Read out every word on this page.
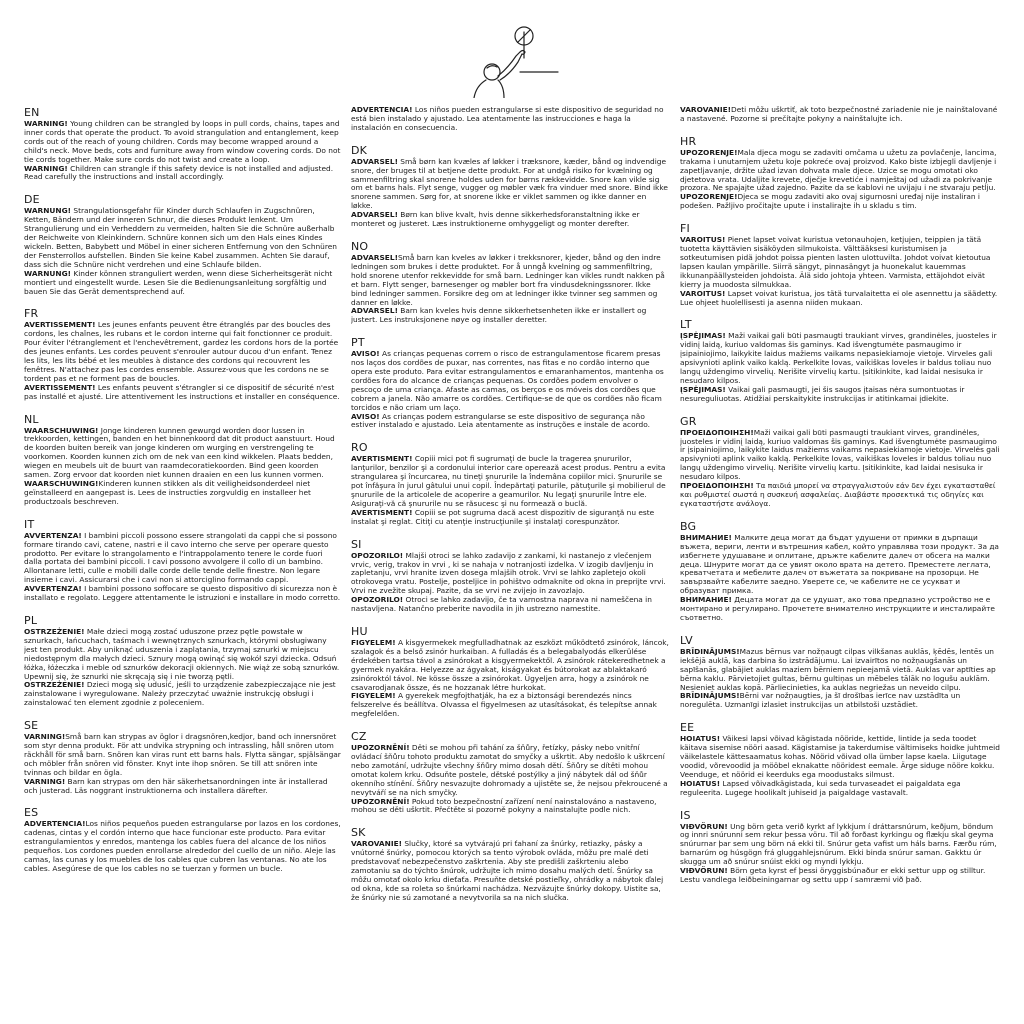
EN

WARNING! Young children can be strangled by loops in pull cords, chains, tapes and inner cords that operate the product. To avoid strangulation and entanglement, keep cords out of the reach of young children. Cords may become wrapped around a child's neck. Move beds, cots and furniture away from window covering cords. Do not tie cords together. Make sure cords do not twist and create a loop.

WARNING! Children can strangle if this safety device is not installed and adjusted. Read carefully the instructions and install accordingly.

DE

WARNUNG! Strangulationsgefahr für Kinder durch Schlaufen in Zugschnüren, Ketten, Bändern und der inneren Schnur, die dieses Produkt lenkent. Um Strangulierung und ein Verheddern zu vermeiden, halten Sie die Schnüre außerhalb der Reichweite von Kleinkindern. Schnüre konnen sich um den Hals eines Kindes wickeln. Betten, Babybett und Möbel in einer sicheren Entfernung von den Schnüren der Fensterrollos aufstellen. Binden Sie keine Kabel zusammen. Achten Sie darauf, dass sich die Schnüre nicht verdrehen und eine Schlaufe bilden.

WARNUNG! Kinder können stranguliert werden, wenn diese Sicherheitsgerät nicht montiert und eingestellt wurde. Lesen Sie die Bedienungsanleitung sorgfältig und bauen Sie das Gerät dementsprechend auf.

FR

AVERTISSEMENT! Les jeunes enfants peuvent être étranglés par des boucles des cordons, les chaînes, les rubans et le cordon interne qui fait fonctionner ce produit. Pour éviter l'étranglement et l'enchevêtrement, gardez les cordons hors de la portée des jeunes enfants. Les cordes peuvent s'enrouler autour ducou d'un enfant. Tenez les lits, les lits bébé et les meubles à distance des cordons qui recouvrent les fenêtres. N'attachez pas les cordes ensemble. Assurez-vous que les cordons ne se tordent pas et ne forment pas de boucles.

AVERTISSEMENT! Les enfants peuvent s'étrangler si ce dispositif de sécurité n'est pas installé et ajusté. Lire attentivement les instructions et installer en conséquence.

NL

WAARSCHUWING! Jonge kinderen kunnen gewurgd worden door lussen in trekkoorden, kettingen, banden en het binnenkoord dat dit product aanstuurt. Houd de koorden buiten bereik van jonge kinderen om wurging en verstrengeling te voorkomen. Koorden kunnen zich om de nek van een kind wikkelen. Plaats bedden, wiegen en meubels uit de buurt van raamdecoratiekoorden. Bind geen koorden samen. Zorg ervoor dat koorden niet kunnen draaien en een lus kunnen vormen.

WAARSCHUWING!Kinderen kunnen stikken als dit veiligheidsonderdeel niet geïnstalleerd en aangepast is. Lees de instructies zorgvuldig en installeer het productzoals beschreven.

IT

AVVERTENZA! I bambini piccoli possono essere strangolati da cappi che si possono formare tirando cavi, catene, nastri e il cavo interno che serve per operare questo prodotto. Per evitare lo strangolamento e l'intrappolamento tenere le corde fuori dalla portata dei bambini piccoli. I cavi possono avvolgere il collo di un bambino. Allontanare letti, culle e mobili dalle corde delle tende delle finestre. Non legare insieme i cavi. Assicurarsi che i cavi non si attorciglino formando cappi.

AVVERTENZA! I bambini possono soffocare se questo dispositivo di sicurezza non è installato e regolato. Leggere attentamente le istruzioni e installare in modo corretto.

PL

OSTRZEŻENIE! Małe dzieci mogą zostać uduszone przez pętle powstałe w sznurkach, łańcuchach, taśmach i wewnętrznych sznurkach, którymi obsługiwany jest ten produkt. Aby uniknąć uduszenia i zaplątania, trzymaj sznurki w miejscu niedostępnym dla małych dzieci. Sznury mogą owinąć się wokół szyi dziecka. Odsuń łóżka, łóżeczka i meble od sznurków dekoracji okiennych. Nie wiąż ze sobą sznurków. Upewnij się, że sznurki nie skręcają się i nie tworzą pętli.

OSTRZEŻENIE! Dzieci mogą się udusić, jeśli to urządzenie zabezpieczające nie jest zainstalowane i wyregulowane. Należy przeczytać uważnie instrukcję obsługi i zainstalować ten element zgodnie z poleceniem.

SE

VARNING!Små barn kan strypas av öglor i dragsnören,kedjor, band och innersnöret som styr denna produkt. För att undvika strypning och intrassling, håll snören utom räckhåll för små barn. Snören kan viras runt ett barns hals. Flytta sängar, spjälsängar och möbler från snören vid fönster. Knyt inte ihop snören. Se till att snören inte tvinnas och bildar en ögla.

VARNING! Barn kan strypas om den här säkerhetsanordningen inte är installerad och justerad. Läs noggrant instruktionerna och installera därefter.

ES

ADVERTENCIA!Los niños pequeños pueden estrangularse por lazos en los cordones, cadenas, cintas y el cordón interno que hace funcionar este producto. Para evitar estrangulamientos y enredos, mantenga los cables fuera del alcance de los niños pequeños. Los cordones pueden enrollarse alrededor del cuello de un niño. Aleje las camas, las cunas y los muebles de los cables que cubren las ventanas. No ate los cables. Asegúrese de que los cables no se tuerzan y formen un bucle.

ADVERTENCIA! Los niños pueden estrangularse si este dispositivo de seguridad no está bien instalado y ajustado. Lea atentamente las instrucciones e haga la instalación en consecuencia.

DK

ADVARSEL! Små børn kan kvæles af løkker i træksnore, kæder, bånd og indvendige snore, der bruges til at betjene dette produkt. For at undgå risiko for kvælning og sammenfiltring skal snorene holdes uden for børns rækkevidde. Snore kan vikle sig om et barns hals. Flyt senge, vugger og møbler væk fra vinduer med snore. Bind ikke snorene sammen. Sørg for, at snorene ikke er viklet sammen og ikke danner en løkke.

ADVARSEL! Børn kan blive kvalt, hvis denne sikkerhedsforanstaltning ikke er monteret og justeret. Læs instruktionerne omhyggeligt og monter derefter.

NO

ADVARSEL!Små barn kan kveles av løkker i trekksnorer, kjeder, bånd og den indre ledningen som brukes i dette produktet. For å unngå kvelning og sammenfiltring, hold snorene utenfor rekkevidde for små barn. Ledninger kan vikles rundt nakken på et barn. Flytt senger, barnesenger og møbler bort fra vindusdekningssnorer. Ikke bind ledninger sammen. Forsikre deg om at ledninger ikke tvinner seg sammen og danner en løkke.

ADVARSEL! Barn kan kveles hvis denne sikkerhetsenheten ikke er installert og justert. Les instruksjonene nøye og installer deretter.

PT

AVISO! As crianças pequenas correm o risco de estrangulamentose ficarem presas nos laços dos cordões de puxar, nas correntes, nas fitas e no cordão interno que opera este produto. Para evitar estrangulamentos e emaranhamentos, mantenha os cordões fora do alcance de crianças pequenas. Os cordões podem envolver o pescoço de uma criança. Afaste as camas, os berços e os móveis dos cordões que cobrem a janela. Não amarre os cordões. Certifique-se de que os cordões não ficam torcidos e não criam um laço.

AVISO! As crianças podem estrangularse se este dispositivo de segurança não estiver instalado e ajustado. Leia atentamente as instruções e instale de acordo.

RO

AVERTISMENT! Copiii mici pot fi sugrumaţi de bucle la tragerea şnururilor, lanţurilor, benzilor şi a cordonului interior care operează acest produs. Pentru a evita strangularea şi încurcarea, nu tineţi şnururile la îndemâna copiilor mici. Şnururile se pot înfăşura în jurul gâtului unui copil. Îndepărtaţi paturile, pătuţurile şi mobilierul de şnururile de la articolele de acoperire a geamurilor. Nu legaţi şnururile între ele. Asiguraţi-vă că şnururile nu se răsucesc şi nu formează o buclă.

AVERTISMENT! Copiii se pot sugruma dacă acest dispozitiv de siguranţă nu este instalat şi reglat. Citiţi cu atenţie instrucţiunile şi instalaţi corespunzător.

SI

OPOZORILO! Mlajši otroci se lahko zadavijo z zankami, ki nastanejo z vlečenjem vrvic, verig, trakov in vrvi , ki se nahaja v notranjosti izdelka. V izogib davljenju in zapletanju, vrvi hranite izven dosega mlajših otrok. Vrvi se lahko zapletejo okoli otrokovega vratu. Postelje, posteljice in pohištvo odmaknite od okna in preprijte vrvi. Vrvi ne zvežite skupaj. Pazite, da se vrvi ne zvijejo in zavozlajo.

OPOZORILO! Otroci se lahko zadavijo, če ta varnostna naprava ni nameščena in nastavljena. Natančno preberite navodila in jih ustrezno namestite.

HU

FIGYELEM! A kisgyermekek megfulladhatnak az eszközt működtető zsinórok, láncok, szalagok és a belső zsinór hurkaiban. A fulladás és a belegabalyodás elkerülése érdekében tartsa távol a zsinórokat a kisgyermekektől. A zsinórok rátekeredhetnek a gyermek nyakára. Helyezze az ágyakat, kiságyakat és bútorokat az ablaktakaró zsinóroktól távol. Ne kösse össze a zsinórokat. Ügyeljen arra, hogy a zsinórok ne csavarodjanak össze, és ne hozzanak létre hurkokat.

FIGYELEM! A gyerekek megfojthatják, ha ez a biztonsági berendezés nincs felszerelve és beállítva. Olvassa el figyelmesen az utasításokat, és telepítse annak megfelelően.

CZ

UPOZORNĚNÍ! Děti se mohou při tahání za šňůry, řetízky, pásky nebo vnitřní ovládací šňůru tohoto produktu zamotat do smyčky a uškrtit. Aby nedošlo k uškrcení nebo zamotání, udržujte všechny šňůry mimo dosah dětí. Šňůry se dítěti mohou omotat kolem krku. Odsuňte postele, dětské postýlky a jiný nábytek dál od šňůr okenního stínění. Šňůry nesvazujte dohromady a ujistěte se, že nejsou překroucené a nevytváří se na nich smyčky.

UPOZORNĚNÍ! Pokud toto bezpečnostní zařízení není nainstalováno a nastaveno, mohou se děti uškrtit. Přečtěte si pozorně pokyny a nainstalujte podle nich.

SK

VAROVANIE! Slučky, ktoré sa vytvárajú pri ťahaní za šnúrky, retiazky, pásky a vnútorné šnúrky, pomocou ktorých sa tento výrobok ovláda, môžu pre malé deti predstavovať nebezpečenstvo zaškrtenia. Aby ste predišli zaškrteniu alebo zamotaniu sa do týchto šnúrok, udržujte ich mimo dosahu malých detí. Šnúrky sa môžu omotať okolo krku dieťaťa. Presuňte detské postieľky, ohrádky a nábytok ďalej od okna, kde sa roleta so šnúrkami nachádza. Nezväzujte šnúrky dokopy. Uistite sa, že šnúrky nie sú zamotané a nevytvorila sa na nich slučka.

VAROVANIE!Deti môžu uškrtiť, ak toto bezpečnostné zariadenie nie je nainštalované a nastavené. Pozorne si prečítajte pokyny a nainštalujte ich.

HR

UPOZORENJE!Mala djeca mogu se zadaviti omčama u užetu za povlačenje, lancima, trakama i unutarnjem užetu koje pokreće ovaj proizvod. Kako biste izbjegli davljenje i zapetljavanje, držite užad izvan dohvata male djece. Uzice se mogu omotati oko djetetova vrata. Udaljite krevete, dječje krevetiće i namještaj od užadi za pokrivanje prozora. Ne spajajte užad zajedno. Pazite da se kablovi ne uvijaju i ne stvaraju petlju.

UPOZORENJE!Djeca se mogu zadaviti ako ovaj sigurnosni uređaj nije instaliran i podešen. Pažljivo pročitajte upute i instalirajte ih u skladu s tim.

FI

VAROITUS! Pienet lapset voivat kuristua vetonauhojen, ketjujen, teippien ja tätä tuotetta käyttävien sisäköyden silmukoista. Välttääksesi kuristumisen ja sotkeutumisen pidä johdot poissa pienten lasten ulottuvilta. Johdot voivat kietoutua lapsen kaulan ympärille. Siirrä sängyt, pinnasängyt ja huonekalut kauemmas ikkunanpäällysteiden johdoista. Älä sido johtoja yhteen. Varmista, ettäjohdot eivät kierry ja muodosta silmukkaa.

VAROITUS! Lapset voivat kuristua, jos tätä turvalaitetta ei ole asennettu ja säädetty. Lue ohjeet huolellisesti ja asenna niiden mukaan.

LT

ĮSPĖJIMAS! Maži vaikai gali būti pasmaugti traukiant virves, grandinėles, juosteles ir vidinį laidą, kuriuo valdomas šis gaminys. Kad išvengtumėte pasmaugimo ir įsipainiojimo, laikykite laidus mažiems vaikams nepasiekiamoje vietoje. Virveles gali apsivynioti aplink vaiko kaklą. Perkelkite lovas, vaikiškas loveles ir baldus toliau nuo langų uždengimo virvelių. Nerišite virvelių kartu. Įsitikinkite, kad laidai nesisuka ir nesudaro kilpos.

ĮSPĖJIMAS! Vaikai gali pasmaugti, jei šis saugos įtaisas nėra sumontuotas ir nesureguliuotas. Atidžiai perskaitykite instrukcijas ir atitinkamai įdiekite.

GR

ΠΡΟΕΙΔΟΠΟΙΗΣΗ!Maži vaikai gali būti pasmaugti traukiant virves, grandinėles, juosteles ir vidinį laidą, kuriuo valdomas šis gaminys. Kad išvengtumėte pasmaugimo ir įsipainiojimo, laikykite laidus mažiems vaikams nepasiekiamoje vietoje. Virvelės gali apsivynioti aplink vaiko kaklą. Perkelkite lovas, vaikiškas loveles ir baldus toliau nuo langų uždengimo virvelių. Nerišite virvelių kartu. Įsitikinkite, kad laidai nesisuka ir nesudaro kilpos.

ΠΡΟΕΙΔΟΠΟΙΗΣΗ! Τα παιδιά μπορεί να στραγγαλιστούν εάν δεν έχει εγκατασταθεί και ρυθμιστεί σωστά η συσκευή ασφαλείας. Διαβάστε προσεκτικά τις οδηγίες και εγκαταστήστε ανάλογα.

BG

ВНИМАНИЕ! Малките деца могат да бъдат удушени от примки в дърпащи въжета, вериги, ленти и вътрешния кабел, който управлява този продукт. За да избегнете удушаване и оплитане, дръжте кабелите далеч от обсега на малки деца. Шнурите могат да се увият около врата на детето. Преместете леглата, креватчетата и мебелите далеч от въжетата за покриване на прозорци. Не завързвайте кабелите заедно. Уверете се, че кабелите не се усукват и образуват примка.

ВНИМАНИЕ! Децата могат да се удушат, ако това предпазно устройство не е монтирано и регулирано. Прочетете внимателно инструкциите и инсталирайте съответно.

LV

BRĪDINĀJUMS!Mazus bērnus var nožņaugt cilpas vilkšanas auklās, ķēdēs, lentēs un iekšējā auklā, kas darbina šo izstrādājumu. Lai izvairītos no nožņaugšanās un sapīšanās, glabājiet auklas maziem bērniem nepieejamā vietā. Auklas var aptīties ap bērna kaklu. Pārvietojiet gultas, bērnu gultiņas un mēbeles tālāk no logušu auklām. Nesieniet auklas kopā. Pārliecinieties, ka auklas negriežas un neveido cilpu.

BRĪDINĀJUMS!Bērni var nožņaugties, ja šī drošības ierīce nav uzstādīta un noregulēta. Uzmanīgi izlasiet instrukcijas un atbilstoši uzstādiet.

EE

HOIATUS! Väikesi lapsi võivad kägistada nööride, kettide, lintide ja seda toodet käitava sisemise nööri aasad. Kägistamise ja takerdumise vältimiseks hoidke juhtmeid väikelastele kättesaamatus kohas. Nöörid võivad olla ümber lapse kaela. Liigutage voodid, võrevoodid ja mööbel eknakatte nööridest eemale. Ärge siduge nööre kokku. Veenduge, et nöörid ei keerduks ega moodustaks silmust.

HOIATUS! Lapsed võivadkägistada, kui seda turvaseadet ei paigaldata ega reguleerita. Lugege hoolikalt juhiseid ja paigaldage vastavalt.

IS

VIÐVÖRUN! Ung börn geta verið kyrkt af lykkjum í dráttarsnúrum, keðjum, böndum og innri snúrunni sem rekur þessa vöru. Til að forðast kyrkingu og flækju skal geyma snúrurnar þar sem ung börn ná ekki til. Snúrur geta vafist um háls barns. Færðu rúm, barnarúm og húsgögn frá gluggahlejsnúrum. Ekki binda snúrur saman. Gakktu úr skugga um að snúrur snúist ekki og myndi lykkju.

VIÐVÖRUN! Börn geta kyrst ef þessi öryggisbúnaður er ekki settur upp og stilltur. Lestu vandlega leiðbeiningarnar og settu upp í samræmi við það.
